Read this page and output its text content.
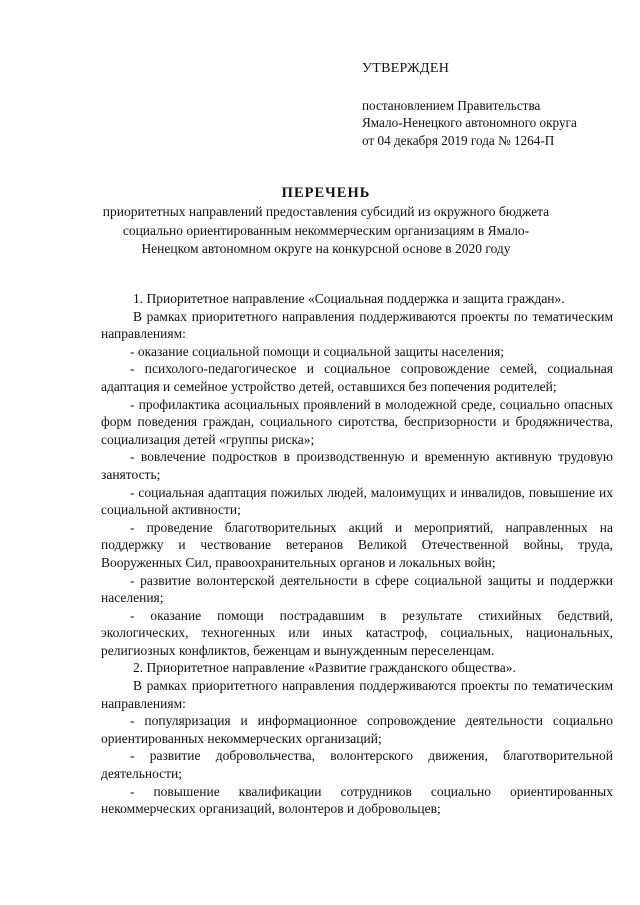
УТВЕРЖДЕН
постановлением Правительства
Ямало-Ненецкого автономного округа
от 04 декабря 2019 года № 1264-П
ПЕРЕЧЕНЬ
приоритетных направлений предоставления субсидий из окружного бюджета
социально ориентированным некоммерческим организациям в Ямало-
Ненецком автономном округе на конкурсной основе в 2020 году

1. Приоритетное направление «Социальная поддержка и защита граждан».

В рамках приоритетного направления поддерживаются проекты по тематическим направлениям:

- оказание социальной помощи и социальной защиты населения;

- психолого-педагогическое и социальное сопровождение семей, социальная адаптация и семейное устройство детей, оставшихся без попечения родителей;

- профилактика асоциальных проявлений в молодежной среде, социально опасных форм поведения граждан, социального сиротства, беспризорности и бродяжничества, социализация детей «группы риска»;

- вовлечение подростков в производственную и временную активную трудовую занятость;

- социальная адаптация пожилых людей, малоимущих и инвалидов, повышение их социальной активности;

- проведение благотворительных акций и мероприятий, направленных на поддержку и чествование ветеранов Великой Отечественной войны, труда, Вооруженных Сил, правоохранительных органов и локальных войн;

- развитие волонтерской деятельности в сфере социальной защиты и поддержки населения;

- оказание помощи пострадавшим в результате стихийных бедствий, экологических, техногенных или иных катастроф, социальных, национальных, религиозных конфликтов, беженцам и вынужденным переселенцам.

2. Приоритетное направление «Развитие гражданского общества».

В рамках приоритетного направления поддерживаются проекты по тематическим направлениям:

- популяризация и информационное сопровождение деятельности социально ориентированных некоммерческих организаций;

- развитие добровольчества, волонтерского движения, благотворительной деятельности;

- повышение квалификации сотрудников социально ориентированных некоммерческих организаций, волонтеров и добровольцев;
